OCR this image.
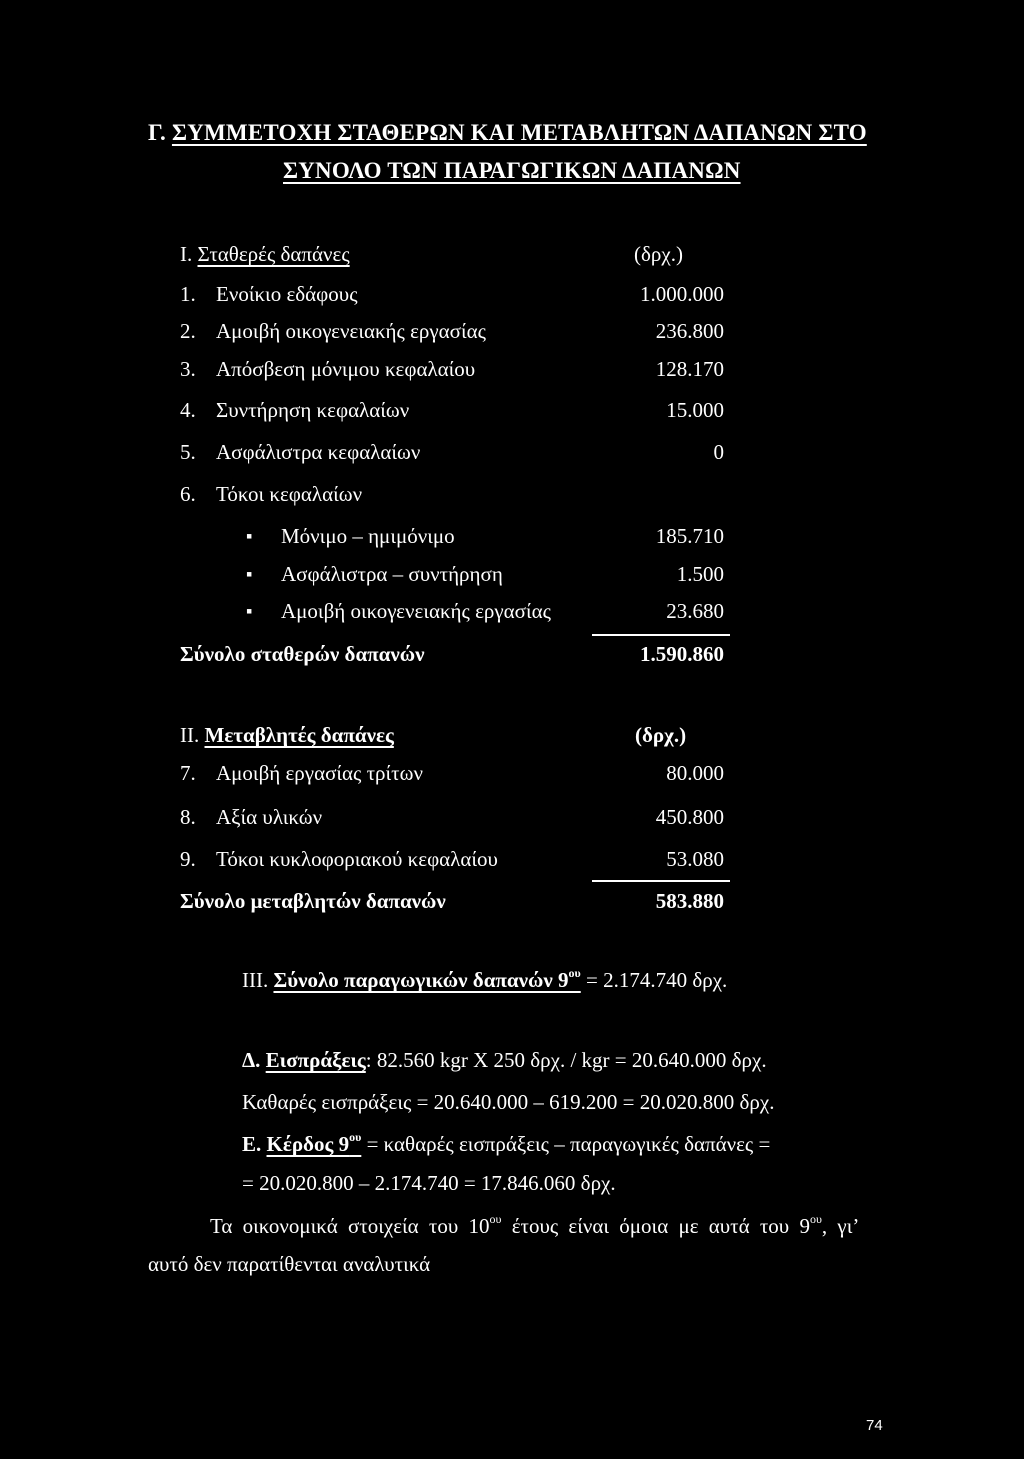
Γ. ΣΥΜΜΕΤΟΧΗ ΣΤΑΘΕΡΩΝ ΚΑΙ ΜΕΤΑΒΛΗΤΩΝ ΔΑΠΑΝΩΝ ΣΤΟ
ΣΥΝΟΛΟ ΤΩΝ ΠΑΡΑΓΩΓΙΚΩΝ ΔΑΠΑΝΩΝ
Ι. Σταθερές δαπάνες	(δρχ.)
1. Ενοίκιο εδάφους	1.000.000
2. Αμοιβή οικογενειακής εργασίας	236.800
3. Απόσβεση μόνιμου κεφαλαίου	128.170
4. Συντήρηση κεφαλαίων	15.000
5. Ασφάλιστρα κεφαλαίων	0
6. Τόκοι κεφαλαίων
▪ Μόνιμο – ημιμόνιμο	185.710
▪ Ασφάλιστρα – συντήρηση	1.500
▪ Αμοιβή οικογενειακής εργασίας	23.680
Σύνολο σταθερών δαπανών	1.590.860
ΙΙ. Μεταβλητές δαπάνες	(δρχ.)
7. Αμοιβή εργασίας τρίτων	80.000
8. Αξία υλικών	450.800
9. Τόκοι κυκλοφοριακού κεφαλαίου	53.080
Σύνολο μεταβλητών δαπανών	583.880
ΙΙΙ. Σύνολο παραγωγικών δαπανών $9^{o\upsilon} = 2.174.740$ δρχ.
Δ. Εισπράξεις: 82.560 kgr X 250 δρχ. / kgr = 20.640.000 δρχ.
Καθαρές εισπράξεις = 20.640.000 – 619.200 = 20.020.800 δρχ.
Ε. Κέρδος $9^{o\upsilon} = \kappa\alpha\theta\alpha\rho έ\varsigma$ εισπράξεις – παραγωγικές δαπάνες =
= 20.020.800 – 2.174.740 = 17.846.060 δρχ.
Τα οικονομικά στοιχεία του $10^{o\upsilon}$ έτους είναι όμοια με αυτά του $9^{o\upsilon}$, γι’
αυτό δεν παρατίθενται αναλυτικά
74
